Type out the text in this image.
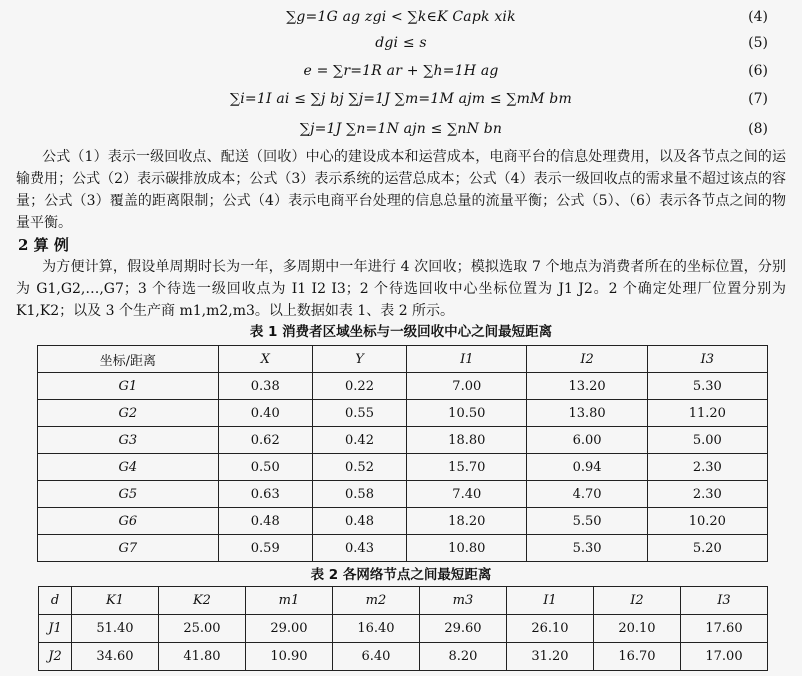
∑g=1G ag zgi < ∑k∈K Capk xik	(4)
dgi ≤ s	(5)
e = ∑r=1R ar + ∑h=1H ag	(6)
∑i=1I ai ≤ ∑j bj ∑j=1J ∑m=1M ajm ≤ ∑mM bm	(7)
∑j=1J ∑n=1N ajn ≤ ∑nN bn	(8)
公式（1）表示一级回收点、配送（回收）中心的建设成本和运营成本，电商平台的信息处理费用，以及各节点之间的运输费用；公式（2）表示碳排放成本；公式（3）表示系统的运营总成本；公式（4）表示一级回收点的需求量不超过该点的容量；公式（3）覆盖的距离限制；公式（4）表示电商平台处理的信息总量的流量平衡；公式（5）、（6）表示各节点之间的物量平衡。
2 算 例
为方便计算，假设单周期时长为一年，多周期中一年进行 4 次回收；模拟选取 7 个地点为消费者所在的坐标位置，分别为 G1,G2,…,G7；3 个待选一级回收点为 I1 I2 I3；2 个待选回收中心坐标位置为 J1 J2。2 个确定处理厂位置分别为 K1,K2；以及 3 个生产商 m1,m2,m3。以上数据如表 1、表 2 所示。
表 1 消费者区域坐标与一级回收中心之间最短距离
坐标/距离	X	Y	I1	I2	I3
G1	0.38	0.22	7.00	13.20	5.30
G2	0.40	0.55	10.50	13.80	11.20
G3	0.62	0.42	18.80	6.00	5.00
G4	0.50	0.52	15.70	0.94	2.30
G5	0.63	0.58	7.40	4.70	2.30
G6	0.48	0.48	18.20	5.50	10.20
G7	0.59	0.43	10.80	5.30	5.20
表 2 各网络节点之间最短距离
d	K1	K2	m1	m2	m3	I1	I2	I3
J1	51.40	25.00	29.00	16.40	29.60	26.10	20.10	17.60
J2	34.60	41.80	10.90	6.40	8.20	31.20	16.70	17.00
